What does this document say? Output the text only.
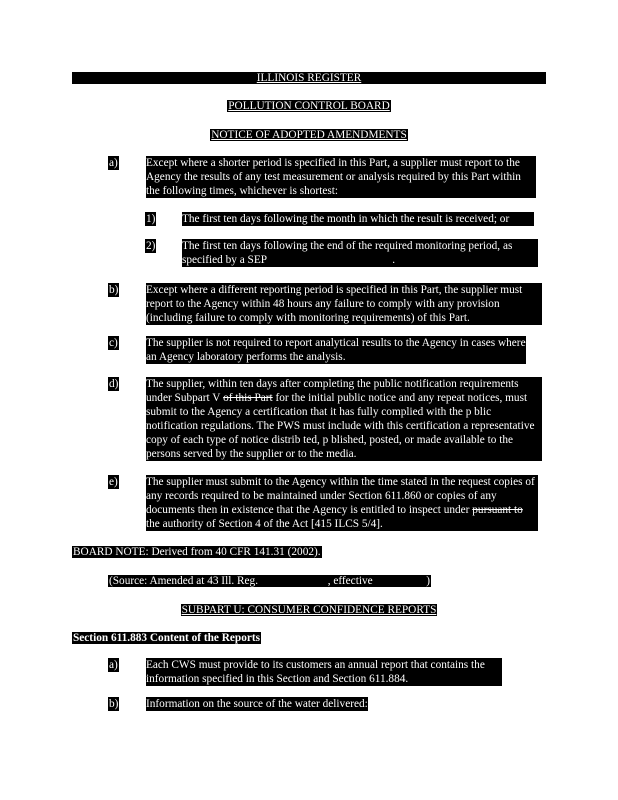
ILLINOIS REGISTER
POLLUTION CONTROL BOARD
NOTICE OF ADOPTED AMENDMENTS
a) Except where a shorter period is specified in this Part, a supplier must report to the Agency the results of any test measurement or analysis required by this Part within the following times, whichever is shortest:
1) The first ten days following the month in which the result is received; or
2) The first ten days following the end of the required monitoring period, as specified by a SEP	.
b) Except where a different reporting period is specified in this Part, the supplier must report to the Agency within 48 hours any failure to comply with any provision (including failure to comply with monitoring requirements) of this Part.
c) The supplier is not required to report analytical results to the Agency in cases where an Agency laboratory performs the analysis.
d) The supplier, within ten days after completing the public notification requirements under Subpart V of this Part for the initial public notice and any repeat notices, must submit to the Agency a certification that it has fully complied with the p blic notification regulations. The PWS must include with this certification a representative copy of each type of notice distrib ted, p blished, posted, or made available to the persons served by the supplier or to the media.
e) The supplier must submit to the Agency within the time stated in the request copies of any records required to be maintained under Section 611.860 or copies of any documents then in existence that the Agency is entitled to inspect under pursuant to the authority of Section 4 of the Act [415 ILCS 5/4].
BOARD NOTE: Derived from 40 CFR 141.31 (2002).
(Source: Amended at 43 Ill. Reg.	, effective	)
SUBPART U: CONSUMER CONFIDENCE REPORTS
Section 611.883 Content of the Reports
a) Each CWS must provide to its customers an annual report that contains the information specified in this Section and Section 611.884.
b) Information on the source of the water delivered:
